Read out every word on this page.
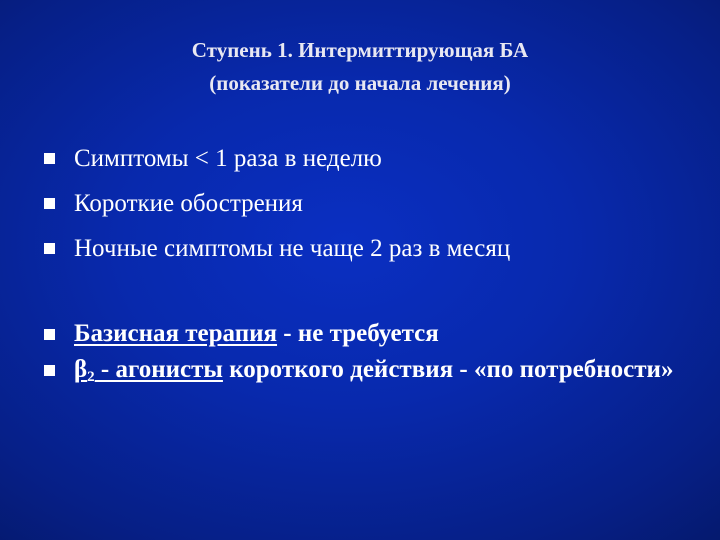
Ступень 1. Интермиттирующая БА
(показатели до начала лечения)
Симптомы < 1 раза в неделю
Короткие обострения
Ночные симптомы не чаще 2 раз в месяц
Базисная терапия - не требуется
β2 - агонисты короткого действия - «по потребности»
